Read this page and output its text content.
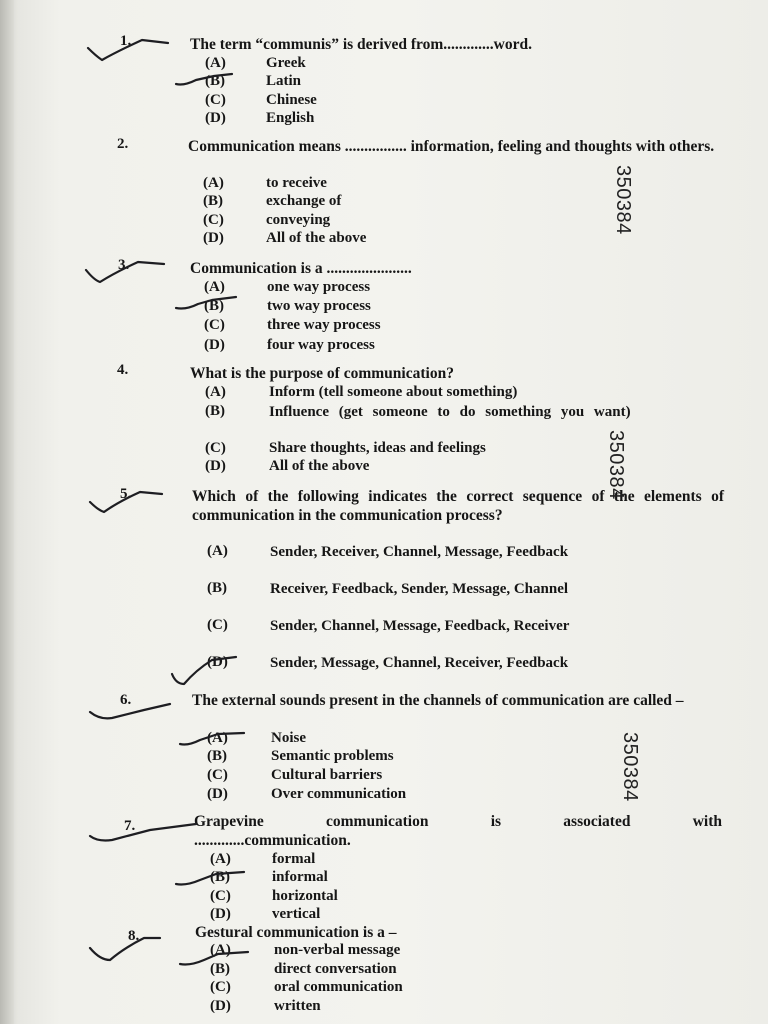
1.	The term “communis” is derived from.............word.
(A)	Greek
(B)	Latin
(C)	Chinese
(D)	English
2.	Communication means ................ information, feeling and thoughts with others.
(A)	to receive
(B)	exchange of
(C)	conveying
(D)	All of the above
3.	Communication is a ......................
(A)	one way process
(B)	two way process
(C)	three way process
(D)	four way process
4.	What is the purpose of communication?
(A)	Inform (tell someone about something)
(B)	Influence (get someone to do something you want)
(C)	Share thoughts, ideas and feelings
(D)	All of the above
5.	Which of the following indicates the correct sequence of the elements of communication in the communication process?
(A)	Sender, Receiver, Channel, Message, Feedback
(B)	Receiver, Feedback, Sender, Message, Channel
(C)	Sender, Channel, Message, Feedback, Receiver
(D)	Sender, Message, Channel, Receiver, Feedback
6.	The external sounds present in the channels of communication are called –
(A)	Noise
(B)	Semantic problems
(C)	Cultural barriers
(D)	Over communication
7.	Grapevine communication is associated with .............communication.
(A)	formal
(B)	informal
(C)	horizontal
(D)	vertical
8.	Gestural communication is a –
(A)	non-verbal message
(B)	direct conversation
(C)	oral communication
(D)	written
350384
350384
350384
